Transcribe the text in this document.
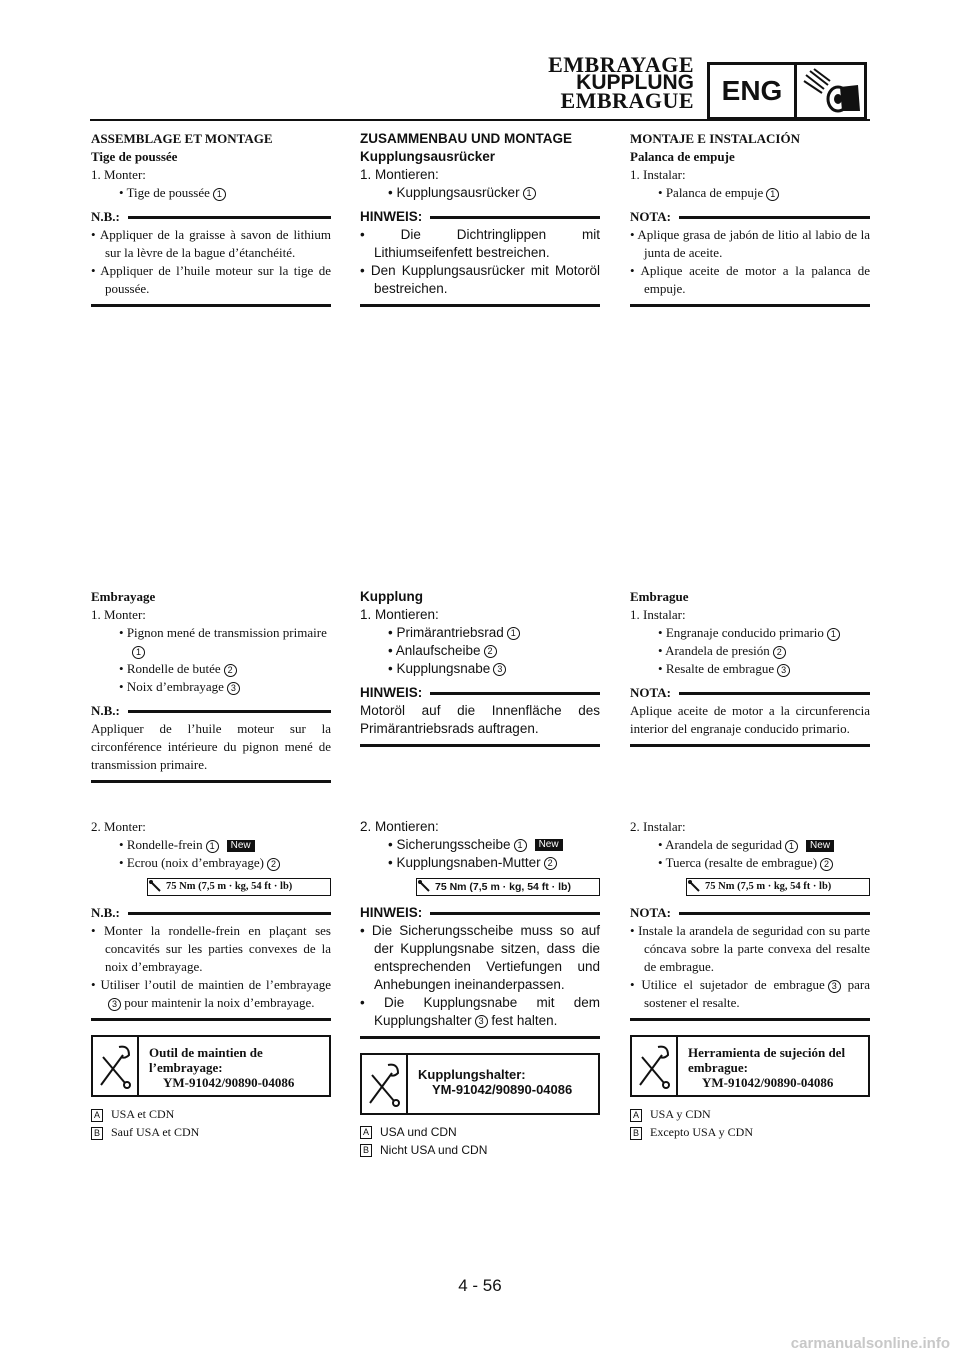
EMBRAYAGE
KUPPLUNG
EMBRAGUE ENG
ASSEMBLAGE ET MONTAGE
Tige de poussée
1. Monter:
• Tige de poussée 1
N.B.:
• Appliquer de la graisse à savon de lithium sur la lèvre de la bague d’étanchéité.
• Appliquer de l’huile moteur sur la tige de poussée.
ZUSAMMENBAU UND MONTAGE
Kupplungsausrücker
1. Montieren:
• Kupplungsausrücker 1
HINWEIS:
• Die Dichtringlippen mit Lithiumseifenfett bestreichen.
• Den Kupplungsausrücker mit Motoröl bestreichen.
MONTAJE E INSTALACIÓN
Palanca de empuje
1. Instalar:
• Palanca de empuje 1
NOTA:
• Aplique grasa de jabón de litio al labio de la junta de aceite.
• Aplique aceite de motor a la palanca de empuje.
Embrayage
1. Monter:
• Pignon mené de transmission primaire1
• Rondelle de butée 2
• Noix d’embrayage 3
N.B.:
Appliquer de l’huile moteur sur la circonférence intérieure du pignon mené de transmission primaire.
Kupplung
1. Montieren:
• Primärantriebsrad 1
• Anlaufscheibe 2
• Kupplungsnabe 3
HINWEIS:
Motoröl auf die Innenfläche des Primärantriebsrads auftragen.
Embrague
1. Instalar:
• Engranaje conducido primario 1
• Arandela de presión 2
• Resalte de embrague 3
NOTA:
Aplique aceite de motor a la circunferencia interior del engranaje conducido primario.
2. Monter:
• Rondelle-frein 1 New
• Ecrou (noix d’embrayage) 2
75 Nm (7,5 m · kg, 54 ft · lb)
N.B.:
• Monter la rondelle-frein en plaçant ses concavités sur les parties convexes de la noix d’embrayage.
• Utiliser l’outil de maintien de l’embrayage3 pour maintenir la noix d’embrayage.
Outil de maintien de l’embrayage:
YM-91042/90890-04086
A USA et CDN
B Sauf USA et CDN
2. Montieren:
• Sicherungsscheibe 1 New
• Kupplungsnaben-Mutter 2
75 Nm (7,5 m · kg, 54 ft · lb)
HINWEIS:
• Die Sicherungsscheibe muss so auf der Kupplungsnabe sitzen, dass die entsprechenden Vertiefungen und Anhebungen ineinanderpassen.
• Die Kupplungsnabe mit dem Kupplungshalter 3 fest halten.
Kupplungshalter:
YM-91042/90890-04086
A USA und CDN
B Nicht USA und CDN
2. Instalar:
• Arandela de seguridad 1 New
• Tuerca (resalte de embrague) 2
75 Nm (7,5 m · kg, 54 ft · lb)
NOTA:
• Instale la arandela de seguridad con su parte cóncava sobre la parte convexa del resalte de embrague.
• Utilice el sujetador de embrague 3 para sostener el resalte.
Herramienta de sujeción del embrague:
YM-91042/90890-04086
A USA y CDN
B Excepto USA y CDN
4 - 56
carmanualsonline.info
